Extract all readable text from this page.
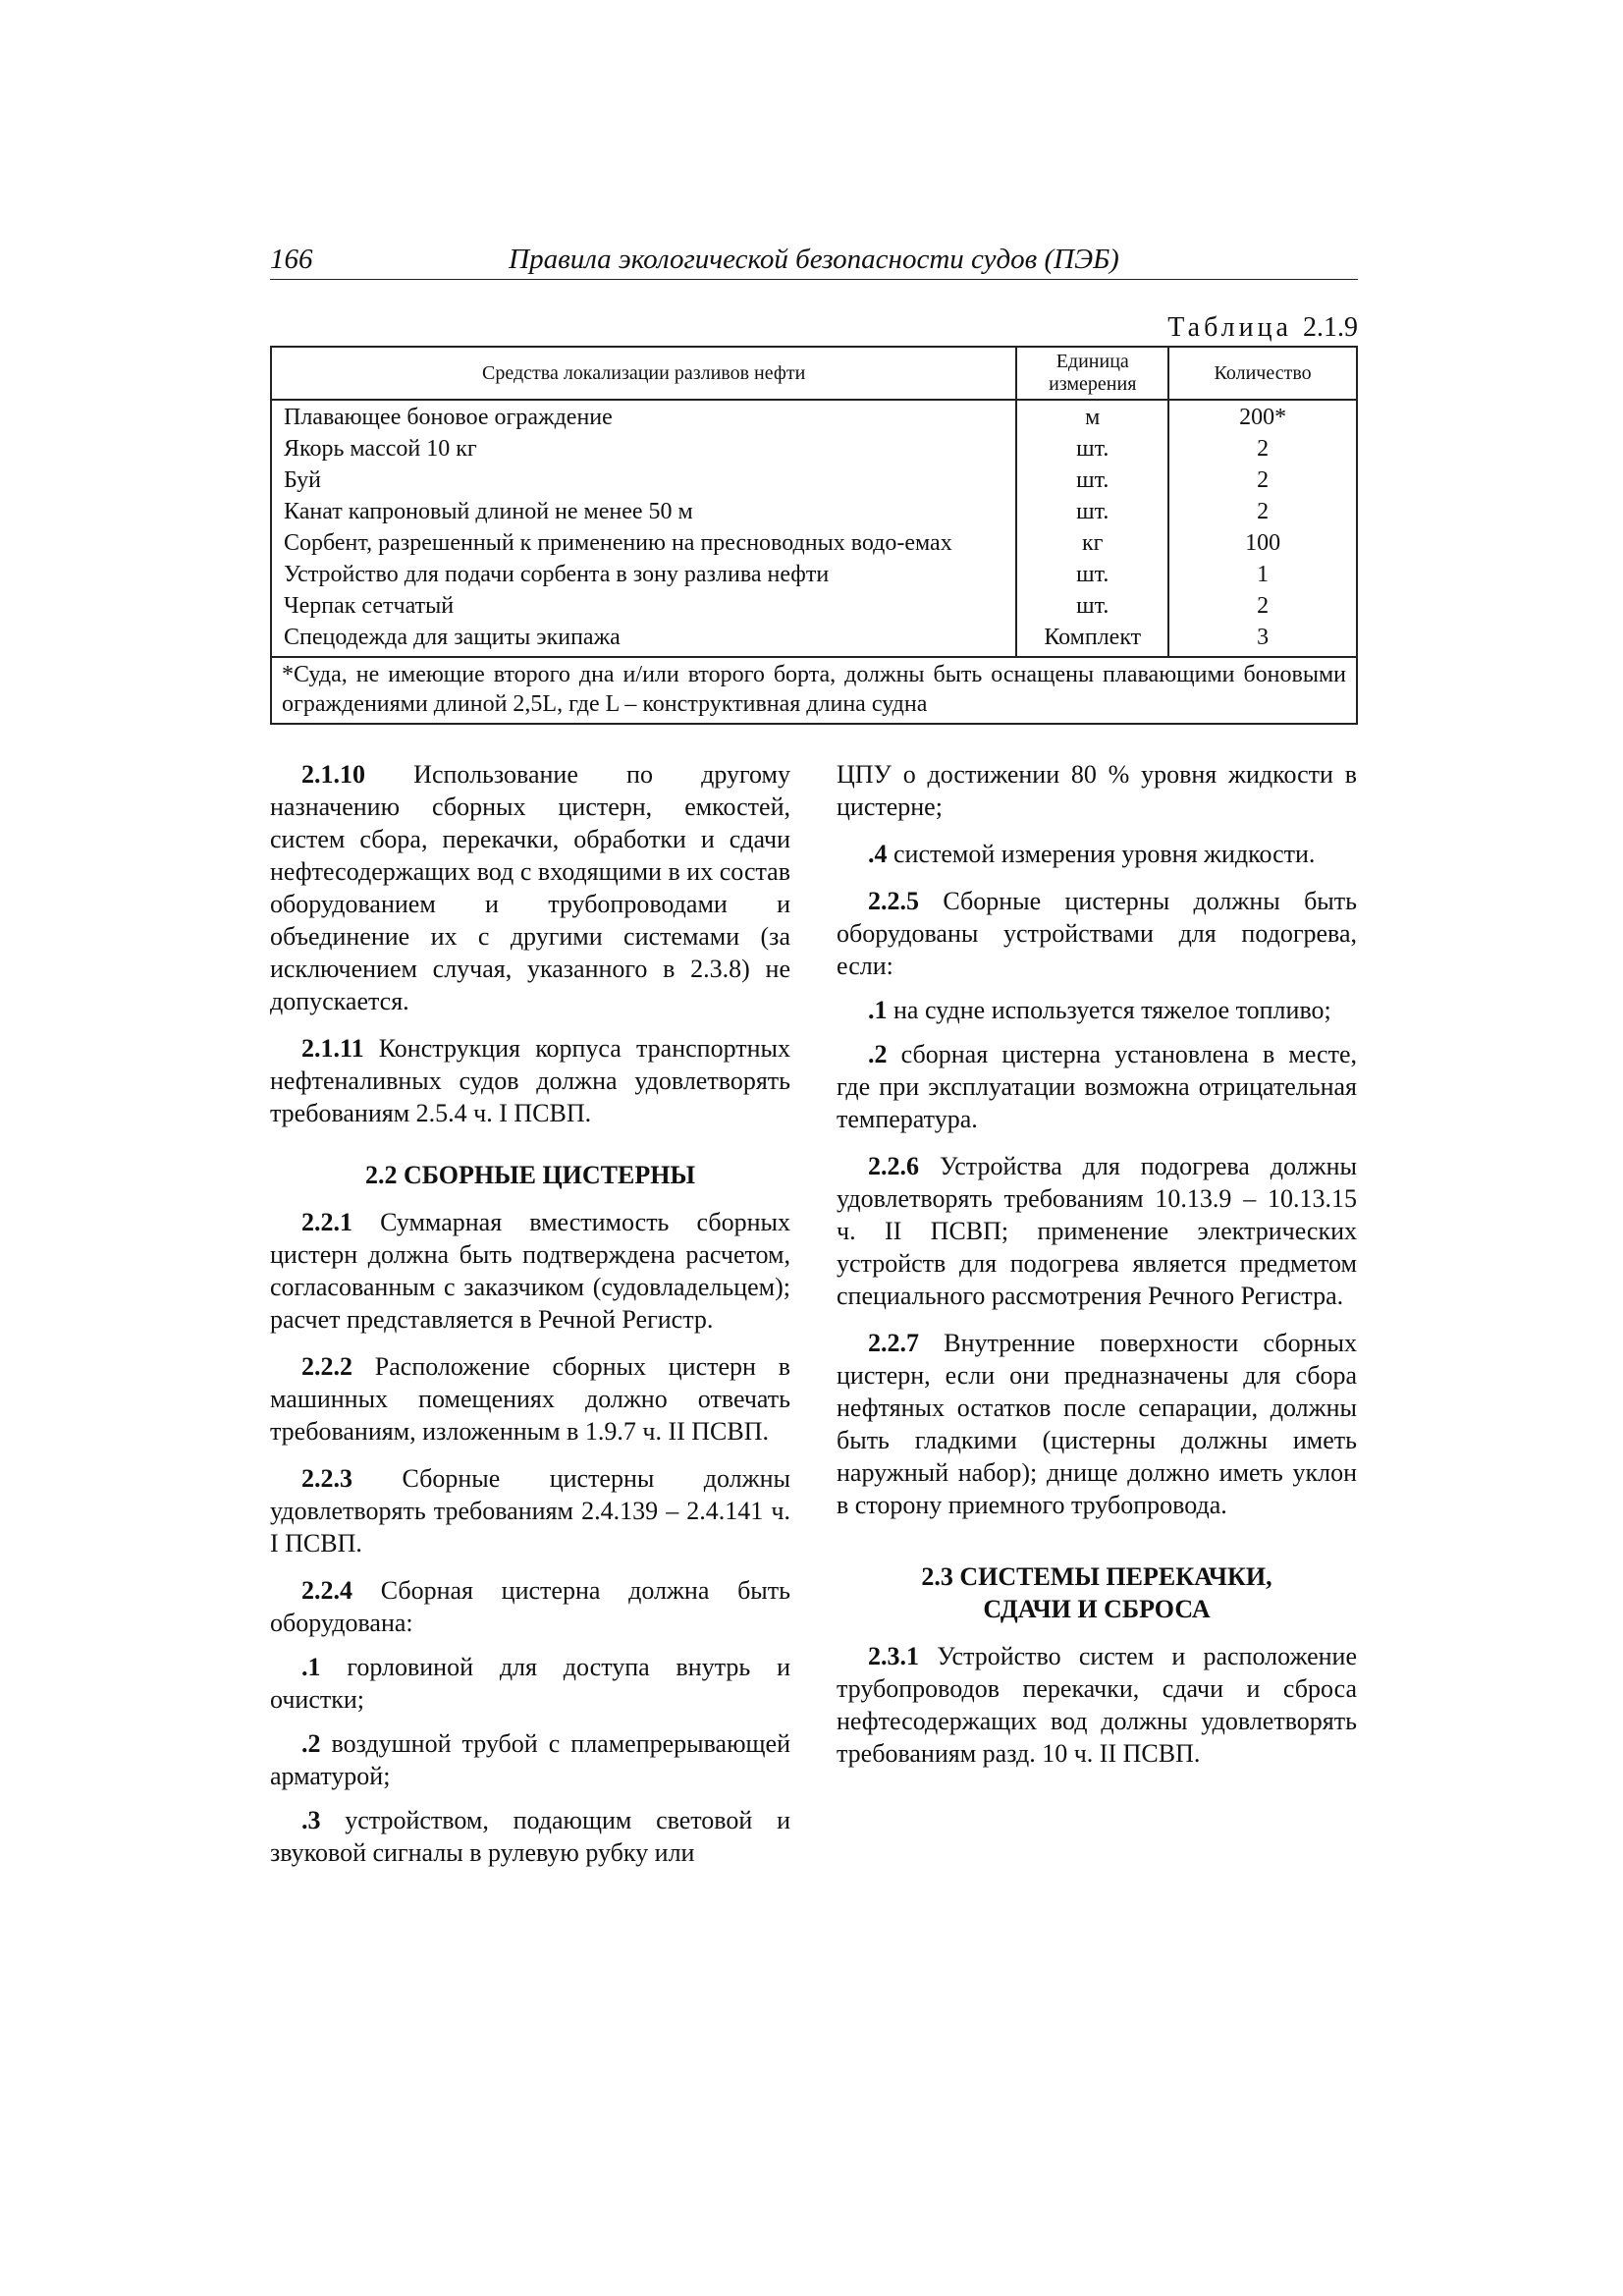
166	Правила экологической безопасности судов (ПЭБ)
Таблица 2.1.9
Средства локализации разливов нефти	Единица измерения	Количество
Плавающее боновое ограждение	м	200*
Якорь массой 10 кг	шт.	2
Буй	шт.	2
Канат капроновый длиной не менее 50 м	шт.	2
Сорбент, разрешенный к применению на пресноводных водо-емах	кг	100
Устройство для подачи сорбента в зону разлива нефти	шт.	1
Черпак сетчатый	шт.	2
Спецодежда для защиты экипажа	Комплект	3
*Суда, не имеющие второго дна и/или второго борта, должны быть оснащены плавающими боновыми ограждениями длиной 2,5L, где L – конструктивная длина судна		

2.1.10 Использование по другому назначению сборных цистерн, емкостей, систем сбора, перекачки, обработки и сдачи нефтесодержащих вод с входящими в их состав оборудованием и трубопроводами и объединение их с другими системами (за исключением случая, указанного в 2.3.8) не допускается.

2.1.11 Конструкция корпуса транспортных нефтеналивных судов должна удовлетворять требованиям 2.5.4 ч. I ПСВП.

2.2 СБОРНЫЕ ЦИСТЕРНЫ

2.2.1 Суммарная вместимость сборных цистерн должна быть подтверждена расчетом, согласованным с заказчиком (судовладельцем); расчет представляется в Речной Регистр.

2.2.2 Расположение сборных цистерн в машинных помещениях должно отвечать требованиям, изложенным в 1.9.7 ч. II ПСВП.

2.2.3 Сборные цистерны должны удовлетворять требованиям 2.4.139 – 2.4.141 ч. I ПСВП.

2.2.4 Сборная цистерна должна быть оборудована:

.1 горловиной для доступа внутрь и очистки;

.2 воздушной трубой с пламепрерывающей арматурой;

.3 устройством, подающим световой и звуковой сигналы в рулевую рубку или

ЦПУ о достижении 80 % уровня жидкости в цистерне;

.4 системой измерения уровня жидкости.

2.2.5 Сборные цистерны должны быть оборудованы устройствами для подогрева, если:

.1 на судне используется тяжелое топливо;

.2 сборная цистерна установлена в месте, где при эксплуатации возможна отрицательная температура.

2.2.6 Устройства для подогрева должны удовлетворять требованиям 10.13.9 – 10.13.15 ч. II ПСВП; применение электрических устройств для подогрева является предметом специального рассмотрения Речного Регистра.

2.2.7 Внутренние поверхности сборных цистерн, если они предназначены для сбора нефтяных остатков после сепарации, должны быть гладкими (цистерны должны иметь наружный набор); днище должно иметь уклон в сторону приемного трубопровода.

2.3 СИСТЕМЫ ПЕРЕКАЧКИ,
СДАЧИ И СБРОСА

2.3.1 Устройство систем и расположение трубопроводов перекачки, сдачи и сброса нефтесодержащих вод должны удовлетворять требованиям разд. 10 ч. II ПСВП.
